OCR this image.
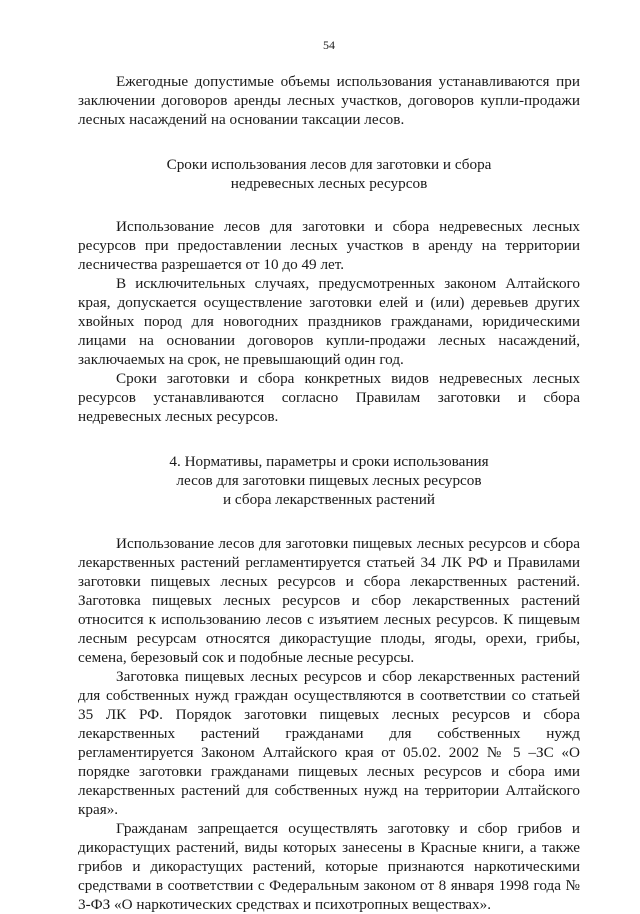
54

Ежегодные допустимые объемы использования устанавливаются при заключении договоров аренды лесных участков, договоров купли-продажи лесных насаждений на основании таксации лесов.

Сроки использования лесов для заготовки и сбора
недревесных лесных ресурсов

Использование лесов для заготовки и сбора недревесных лесных ресурсов при предоставлении лесных участков в аренду на территории лесничества разрешается от 10 до 49 лет.

В исключительных случаях, предусмотренных законом Алтайского края, допускается осуществление заготовки елей и (или) деревьев других хвойных пород для новогодних праздников гражданами, юридическими лицами на основании договоров купли-продажи лесных насаждений, заключаемых на срок, не превышающий один год.

Сроки заготовки и сбора конкретных видов недревесных лесных ресурсов устанавливаются согласно Правилам заготовки и сбора недревесных лесных ресурсов.

4. Нормативы, параметры и сроки использования
лесов для заготовки пищевых лесных ресурсов
и сбора лекарственных растений

Использование лесов для заготовки пищевых лесных ресурсов и сбора лекарственных растений регламентируется статьей 34 ЛК РФ и Правилами заготовки пищевых лесных ресурсов и сбора лекарственных растений. Заготовка пищевых лесных ресурсов и сбор лекарственных растений относится к использованию лесов с изъятием лесных ресурсов. К пищевым лесным ресурсам относятся дикорастущие плоды, ягоды, орехи, грибы, семена, березовый сок и подобные лесные ресурсы.

Заготовка пищевых лесных ресурсов и сбор лекарственных растений для собственных нужд граждан осуществляются в соответствии со статьей 35 ЛК РФ. Порядок заготовки пищевых лесных ресурсов и сбора лекарственных растений гражданами для собственных нужд регламентируется Законом Алтайского края от 05.02. 2002 № 5 –ЗС «О порядке заготовки гражданами пищевых лесных ресурсов и сбора ими лекарственных растений для собственных нужд на территории Алтайского края».

Гражданам запрещается осуществлять заготовку и сбор грибов и дикорастущих растений, виды которых занесены в Красные книги, а также грибов и дикорастущих растений, которые признаются наркотическими средствами в соответствии с Федеральным законом от 8 января 1998 года № 3-ФЗ «О наркотических средствах и психотропных веществах».
